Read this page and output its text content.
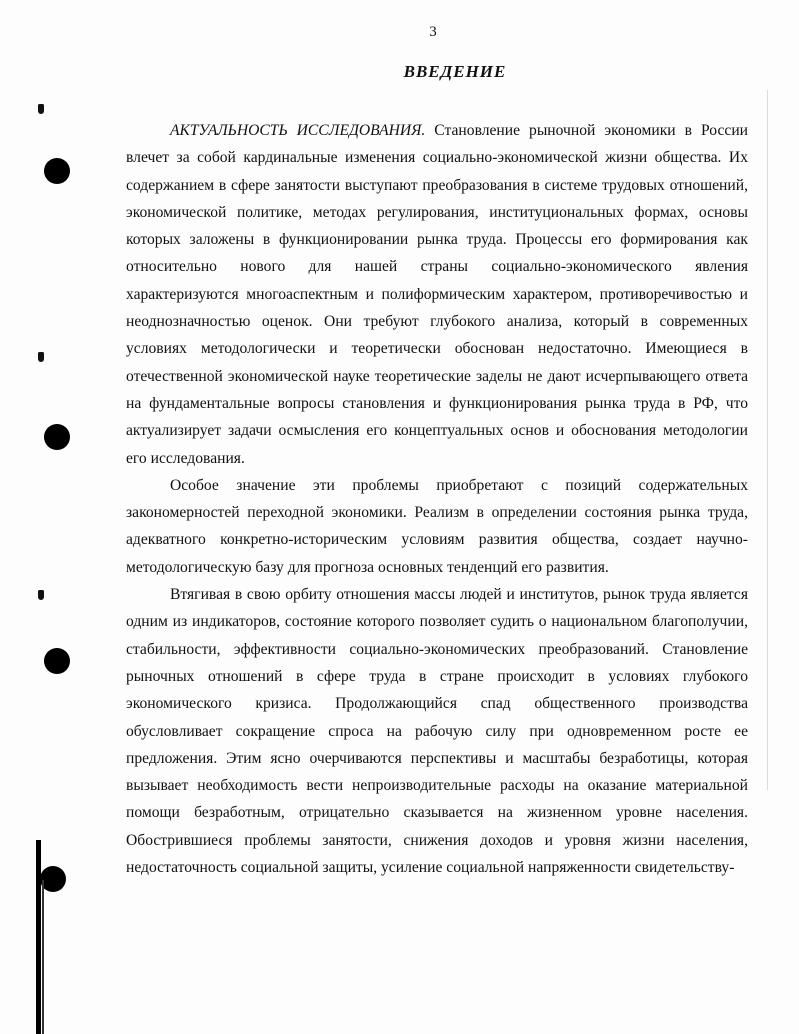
3
ВВЕДЕНИЕ

АКТУАЛЬНОСТЬ ИССЛЕДОВАНИЯ. Становление рыночной экономики в России влечет за собой кардинальные изменения социально-экономической жизни общества. Их содержанием в сфере занятости выступают преобразования в системе трудовых отношений, экономической политике, методах регулирования, институциональных формах, основы которых заложены в функционировании рынка труда. Процессы его формирования как относительно нового для нашей страны социально-экономического явления характеризуются многоаспектным и полиформическим характером, противоречивостью и неоднозначностью оценок. Они требуют глубокого анализа, который в современных условиях методологически и теоретически обоснован недостаточно. Имеющиеся в отечественной экономической науке теоретические заделы не дают исчерпывающего ответа на фундаментальные вопросы становления и функционирования рынка труда в РФ, что актуализирует задачи осмысления его концептуальных основ и обоснования методологии его исследования.

Особое значение эти проблемы приобретают с позиций содержательных закономерностей переходной экономики. Реализм в определении состояния рынка труда, адекватного конкретно-историческим условиям развития общества, создает научно-методологическую базу для прогноза основных тенденций его развития.

Втягивая в свою орбиту отношения массы людей и институтов, рынок труда является одним из индикаторов, состояние которого позволяет судить о национальном благополучии, стабильности, эффективности социально-экономических преобразований. Становление рыночных отношений в сфере труда в стране происходит в условиях глубокого экономического кризиса. Продолжающийся спад общественного производства обусловливает сокращение спроса на рабочую силу при одновременном росте ее предложения. Этим ясно очерчиваются перспективы и масштабы безработицы, которая вызывает необходимость вести непроизводительные расходы на оказание материальной помощи безработным, отрицательно сказывается на жизненном уровне населения. Обострившиеся проблемы занятости, снижения доходов и уровня жизни населения, недостаточность социальной защиты, усиление социальной напряженности свидетельству-
